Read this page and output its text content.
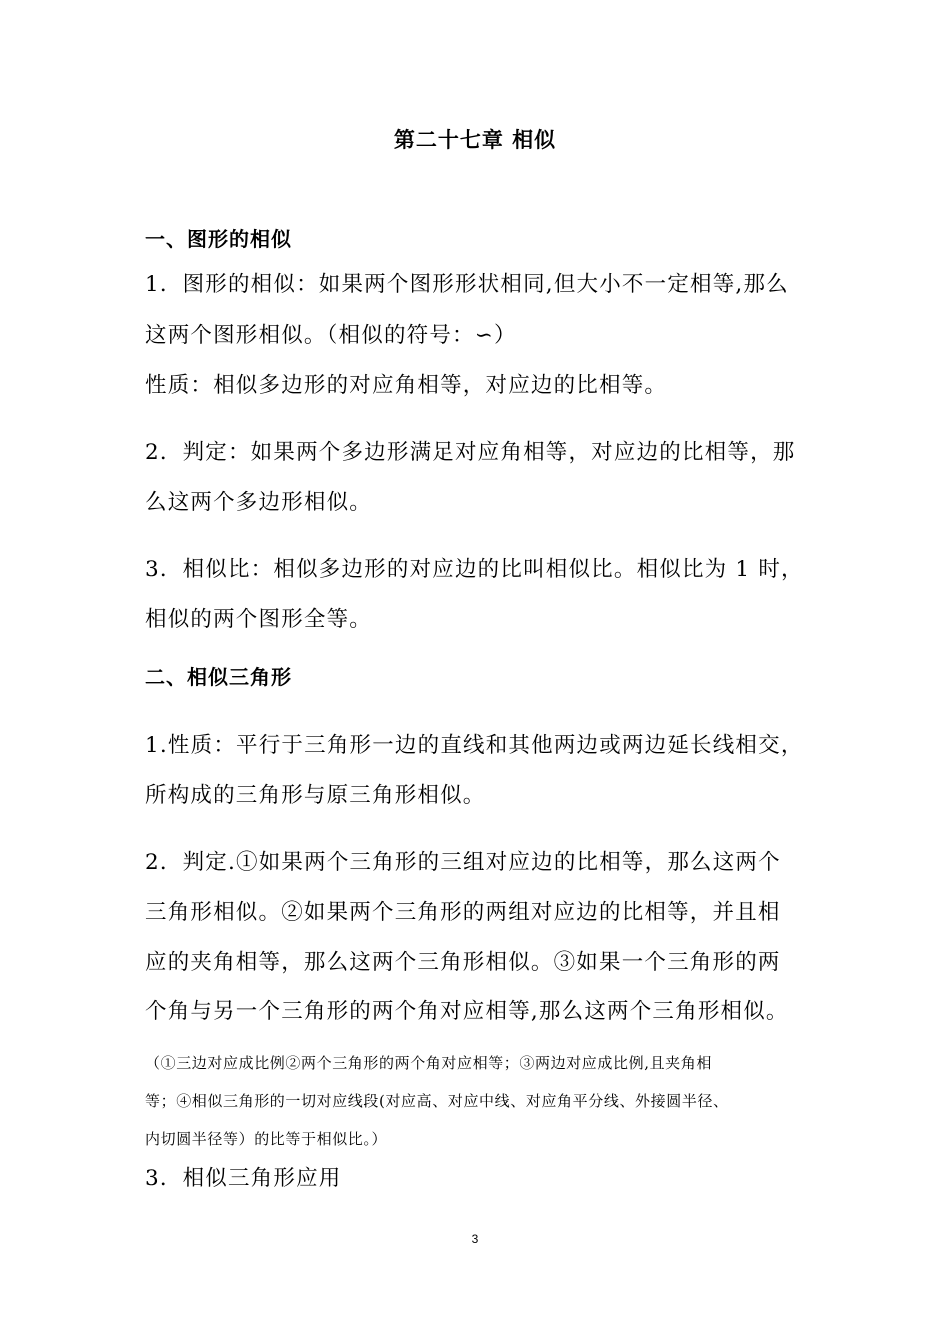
第二十七章 相似
一、图形的相似
1．图形的相似：如果两个图形形状相同,但大小不一定相等,那么
这两个图形相似。（相似的符号：∽）
性质：相似多边形的对应角相等，对应边的比相等。
2．判定：如果两个多边形满足对应角相等，对应边的比相等，那
么这两个多边形相似。
3．相似比：相似多边形的对应边的比叫相似比。相似比为 1 时，
相似的两个图形全等。
二、相似三角形
1.性质：平行于三角形一边的直线和其他两边或两边延长线相交，
所构成的三角形与原三角形相似。
2．判定.①如果两个三角形的三组对应边的比相等，那么这两个
三角形相似。②如果两个三角形的两组对应边的比相等，并且相
应的夹角相等，那么这两个三角形相似。③如果一个三角形的两
个角与另一个三角形的两个角对应相等,那么这两个三角形相似。
（①三边对应成比例②两个三角形的两个角对应相等；③两边对应成比例,且夹角相
等；④相似三角形的一切对应线段(对应高、对应中线、对应角平分线、外接圆半径、
内切圆半径等）的比等于相似比。）
3．相似三角形应用
3
